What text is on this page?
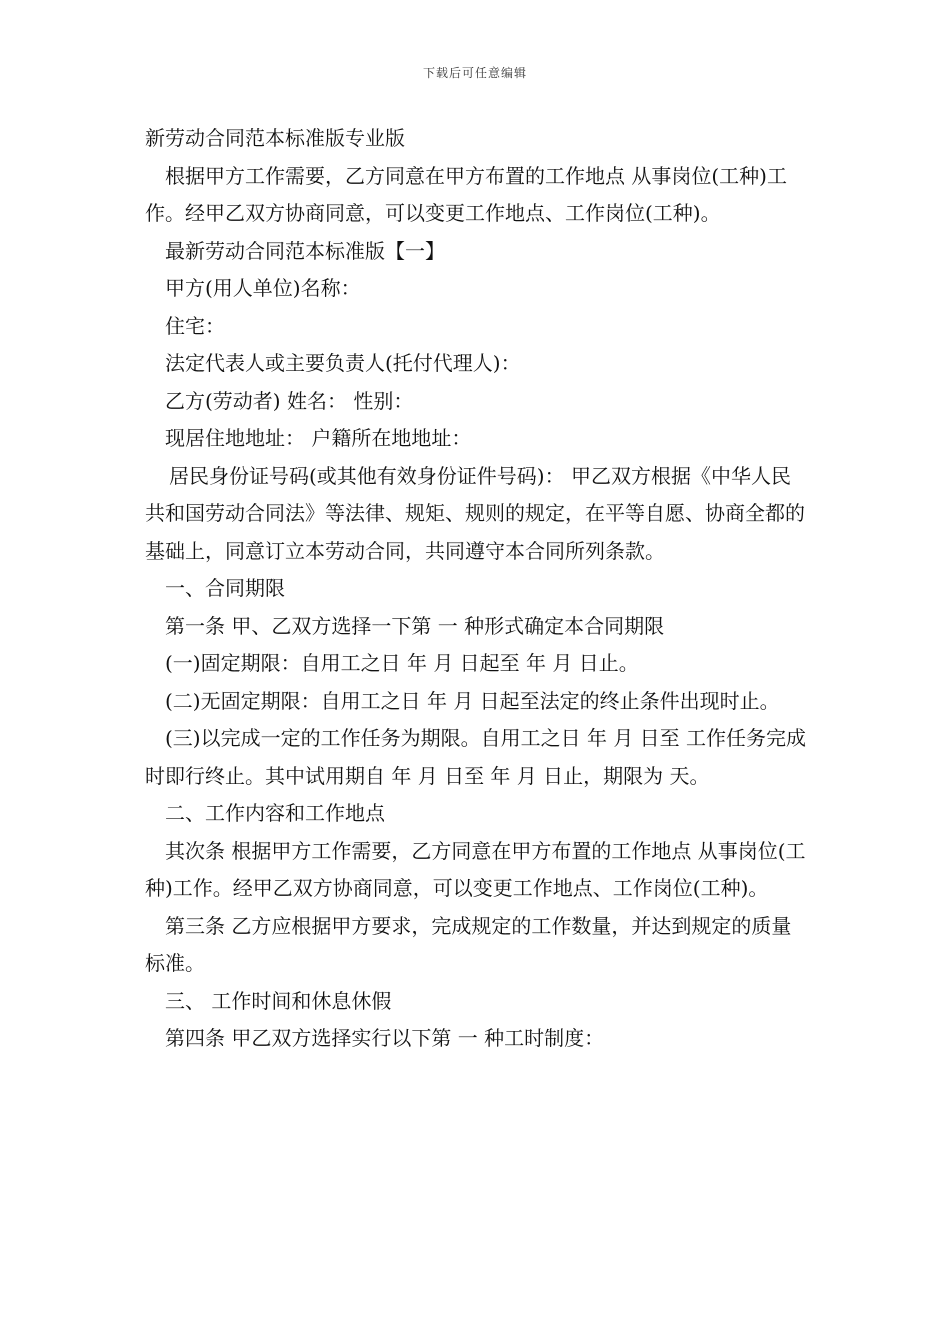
下载后可任意编辑

新劳动合同范本标准版专业版

根据甲方工作需要，乙方同意在甲方布置的工作地点 从事岗位(工种)工作。经甲乙双方协商同意，可以变更工作地点、工作岗位(工种)。

最新劳动合同范本标准版【一】

甲方(用人单位)名称：

住宅：

法定代表人或主要负责人(托付代理人)：

乙方(劳动者) 姓名： 性别：

现居住地地址： 户籍所在地地址：

居民身份证号码(或其他有效身份证件号码)： 甲乙双方根据《中华人民共和国劳动合同法》等法律、规矩、规则的规定，在平等自愿、协商全都的基础上，同意订立本劳动合同，共同遵守本合同所列条款。

一、合同期限

第一条 甲、乙双方选择一下第 一 种形式确定本合同期限

(一)固定期限：自用工之日 年 月 日起至 年 月 日止。

(二)无固定期限：自用工之日 年 月 日起至法定的终止条件出现时止。

(三)以完成一定的工作任务为期限。自用工之日 年 月 日至 工作任务完成时即行终止。其中试用期自 年 月 日至 年 月 日止，期限为 天。

二、工作内容和工作地点

其次条 根据甲方工作需要，乙方同意在甲方布置的工作地点 从事岗位(工种)工作。经甲乙双方协商同意，可以变更工作地点、工作岗位(工种)。

第三条 乙方应根据甲方要求，完成规定的工作数量，并达到规定的质量标准。

三、 工作时间和休息休假

第四条 甲乙双方选择实行以下第 一 种工时制度：
